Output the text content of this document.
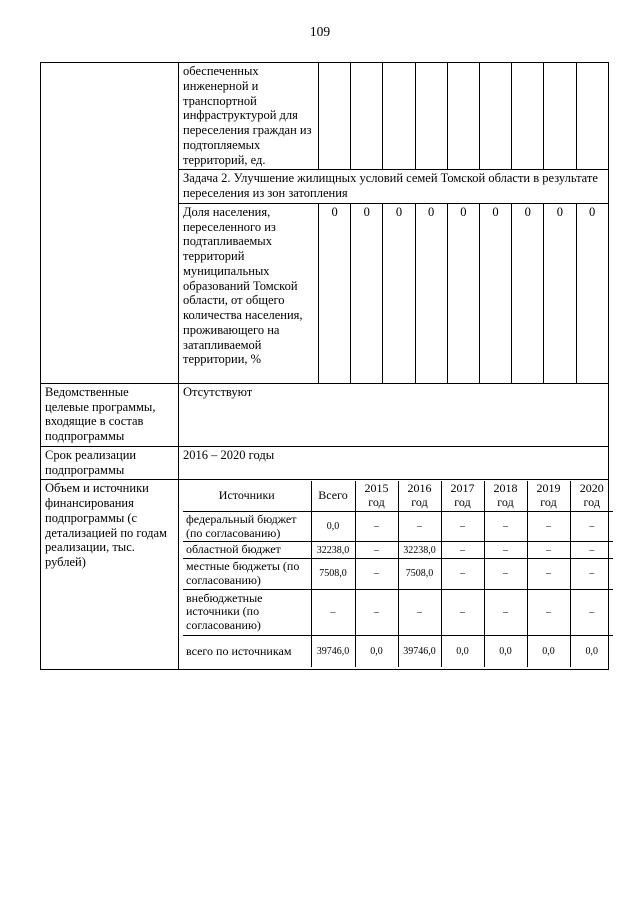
109
	обеспеченных инженерной и транспортной инфраструктурой для переселения граждан из подтопляемых территорий, ед.									
Задача 2. Улучшение жилищных условий семей Томской области в результате переселения из зон затопления
Доля населения, переселенного из подтапливаемых территорий муниципальных образований Томской области, от общего количества населения, проживающего на затапливаемой территории, %	0	0	0	0	0	0	0	0	0
Ведомственные целевые программы, входящие в состав подпрограммы	Отсутствуют
Срок реализации подпрограммы	2016 – 2020 годы
Объем и источники финансирования подпрограммы (с детализацией по годам реализации, тыс. рублей)	
Источники	Всего	2015 год	2016 год	2017 год	2018 год	2019 год	2020 год
федеральный бюджет (по согласованию)	0,0	–	–	–	–	–	–
областной бюджет	32238,0	–	32238,0	–	–	–	–
местные бюджеты (по согласованию)	7508,0	–	7508,0	–	–	–	–
внебюджетные источники (по согласованию)	–	–	–	–	–	–	–
всего по источникам	39746,0	0,0	39746,0	0,0	0,0	0,0	0,0
